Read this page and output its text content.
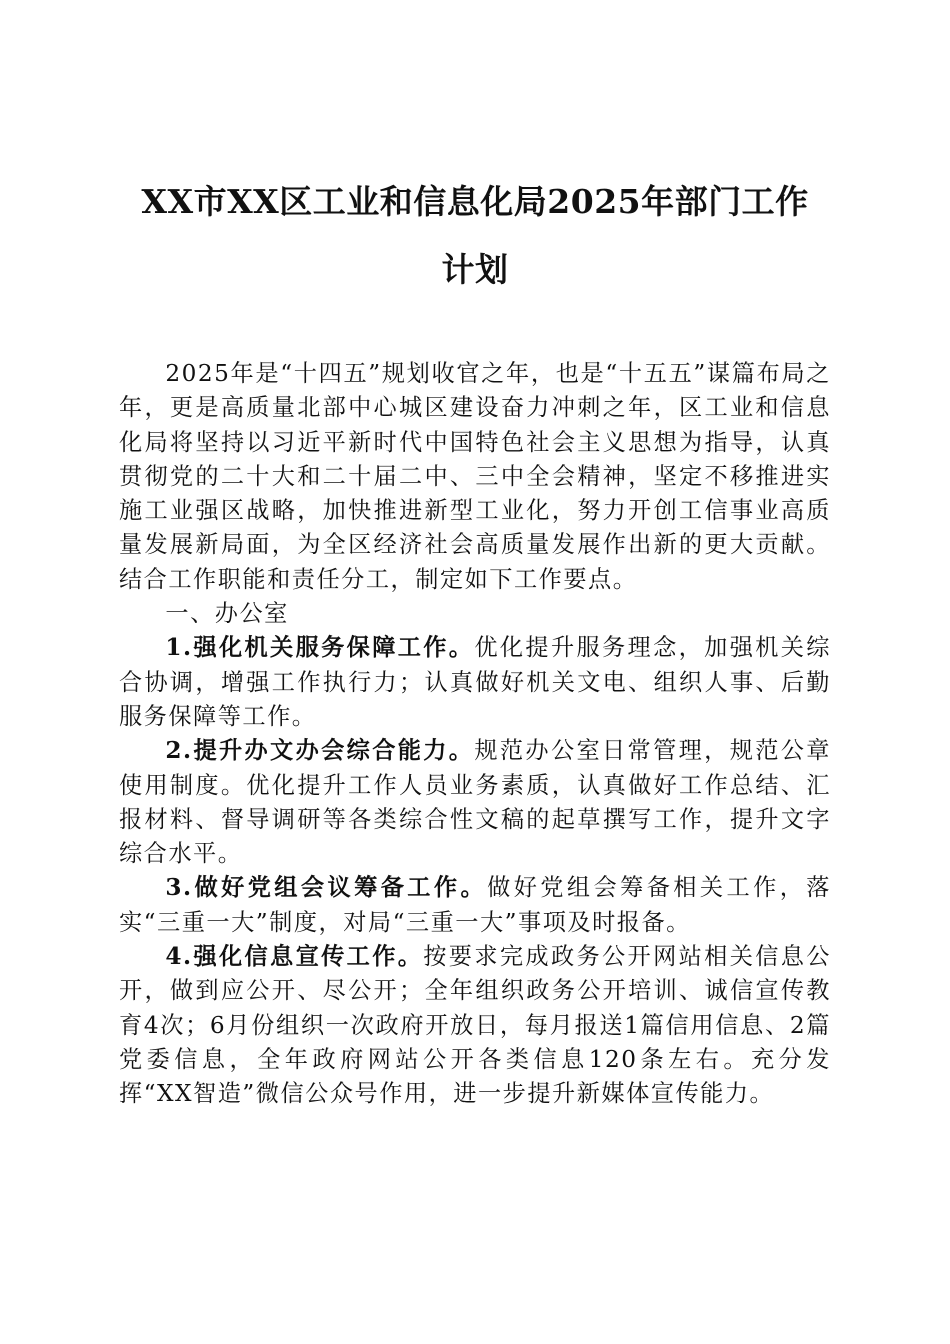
XX市XX区工业和信息化局2025年部门工作
计划

2025年是“十四五”规划收官之年，也是“十五五”谋篇布局之年，更是高质量北部中心城区建设奋力冲刺之年，区工业和信息化局将坚持以习近平新时代中国特色社会主义思想为指导，认真贯彻党的二十大和二十届二中、三中全会精神，坚定不移推进实施工业强区战略，加快推进新型工业化，努力开创工信事业高质量发展新局面，为全区经济社会高质量发展作出新的更大贡献。结合工作职能和责任分工，制定如下工作要点。

一、办公室

1.强化机关服务保障工作。优化提升服务理念，加强机关综合协调，增强工作执行力；认真做好机关文电、组织人事、后勤服务保障等工作。

2.提升办文办会综合能力。规范办公室日常管理，规范公章使用制度。优化提升工作人员业务素质，认真做好工作总结、汇报材料、督导调研等各类综合性文稿的起草撰写工作，提升文字综合水平。

3.做好党组会议筹备工作。做好党组会筹备相关工作，落实“三重一大”制度，对局“三重一大”事项及时报备。

4.强化信息宣传工作。按要求完成政务公开网站相关信息公开，做到应公开、尽公开；全年组织政务公开培训、诚信宣传教育4次；6月份组织一次政府开放日，每月报送1篇信用信息、2篇党委信息，全年政府网站公开各类信息120条左右。充分发挥“XX智造”微信公众号作用，进一步提升新媒体宣传能力。
